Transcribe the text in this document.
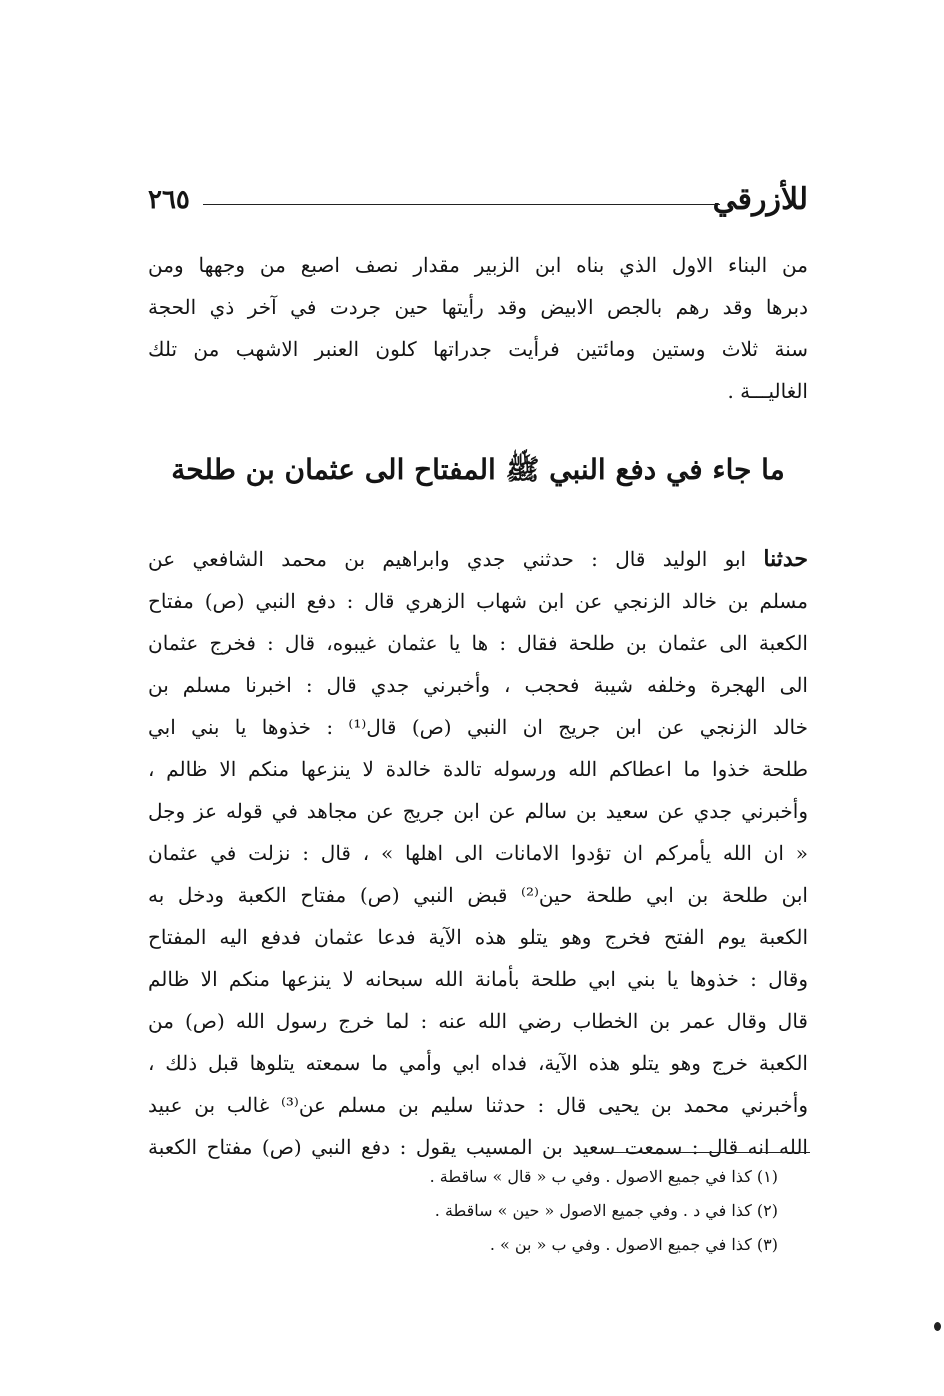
للأزرقي
٢٦٥
من البناء الاول الذي بناه ابن الزبير مقدار نصف اصبع من وجهها ومن
دبرها وقد رهم بالجص الابيض وقد رأيتها حين جردت في آخر ذي الحجة
سنة ثلاث وستين ومائتين فرأيت جدراتها كلون العنبر الاشهب من تلك
الغاليـــة .
ما جاء في دفع النبي ﷺ المفتاح الى عثمان بن طلحة
حدثنا ابو الوليد قال : حدثني جدي وابراهيم بن محمد الشافعي عن
مسلم بن خالد الزنجي عن ابن شهاب الزهري قال : دفع النبي (ص) مفتاح
الكعبة الى عثمان بن طلحة فقال : ها يا عثمان غيبوه، قال : فخرج عثمان
الى الهجرة وخلفه شيبة فحجب ، وأخبرني جدي قال : اخبرنا مسلم بن
خالد الزنجي عن ابن جريج ان النبي (ص) قال⁽¹⁾ : خذوها يا بني ابي
طلحة خذوا ما اعطاكم الله ورسوله تالدة خالدة لا ينزعها منكم الا ظالم ،
وأخبرني جدي عن سعيد بن سالم عن ابن جريج عن مجاهد في قوله عز وجل
« ان الله يأمركم ان تؤدوا الامانات الى اهلها » ، قال : نزلت في عثمان
ابن طلحة بن ابي طلحة حين⁽²⁾ قبض النبي (ص) مفتاح الكعبة ودخل به
الكعبة يوم الفتح فخرج وهو يتلو هذه الآية فدعا عثمان فدفع اليه المفتاح
وقال : خذوها يا بني ابي طلحة بأمانة الله سبحانه لا ينزعها منكم الا ظالم
قال وقال عمر بن الخطاب رضي الله عنه : لما خرج رسول الله (ص) من
الكعبة خرج وهو يتلو هذه الآية، فداه ابي وأمي ما سمعته يتلوها قبل ذلك ،
وأخبرني محمد بن يحيى قال : حدثنا سليم بن مسلم عن⁽³⁾ غالب بن عبيد
الله انه قال : سمعت سعيد بن المسيب يقول : دفع النبي (ص) مفتاح الكعبة
(١) كذا في جميع الاصول . وفي ب « قال » ساقطة .
(٢) كذا في د . وفي جميع الاصول « حين » ساقطة .
(٣) كذا في جميع الاصول . وفي ب « بن » .
